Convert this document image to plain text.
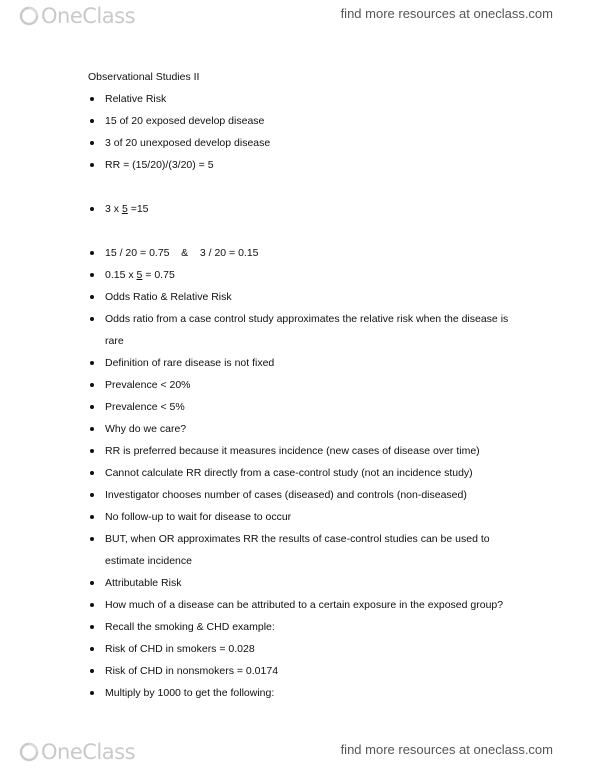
OneClass	find more resources at oneclass.com
Observational Studies II
Relative Risk
15 of 20 exposed develop disease
3 of 20 unexposed develop disease
RR = (15/20)/(3/20) = 5
3 x 5 =15
15 / 20 = 0.75    &    3 / 20 = 0.15
0.15 x 5 = 0.75
Odds Ratio & Relative Risk
Odds ratio from a case control study approximates the relative risk when the disease is rare
Definition of rare disease is not fixed
Prevalence < 20%
Prevalence < 5%
Why do we care?
RR is preferred because it measures incidence (new cases of disease over time)
Cannot calculate RR directly from a case-control study (not an incidence study)
Investigator chooses number of cases (diseased) and controls (non-diseased)
No follow-up to wait for disease to occur
BUT, when OR approximates RR the results of case-control studies can be used to estimate incidence
Attributable Risk
How much of a disease can be attributed to a certain exposure in the exposed group?
Recall the smoking & CHD example:
Risk of CHD in smokers = 0.028
Risk of CHD in nonsmokers = 0.0174
Multiply by 1000 to get the following:
OneClass	find more resources at oneclass.com
